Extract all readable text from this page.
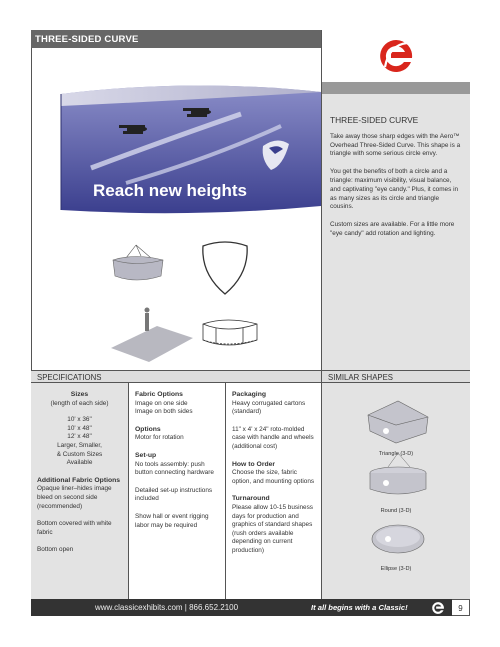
THREE-SIDED CURVE
Reach new heights
THREE-SIDED CURVE

Take away those sharp edges with the Aero™ Overhead Three-Sided Curve. This shape is a triangle with some serious circle envy.

You get the benefits of both a circle and a triangle: maximum visibility, visual balance, and captivating "eye candy." Plus, it comes in as many sizes as its circle and triangle cousins.

Custom sizes are available. For a little more "eye candy" add rotation and lighting.

SPECIFICATIONS	SIMILAR SHAPES
Sizes
(length of each side)
10' x 36"
10' x 48"
12' x 48"
Larger, Smaller,
& Custom Sizes
Available
Additional Fabric Options
Opaque liner–hides image bleed on second side (recommended)
Bottom covered with white fabric
Bottom open
Fabric Options
Image on one side
Image on both sides
Options
Motor for rotation
Set-up
No tools assembly: push button connecting hardware
Detailed set-up instructions included
Show hall or event rigging labor may be required
Packaging
Heavy corrugated cartons (standard)
11" x 4' x 24" roto-molded case with handle and wheels (additional cost)
How to Order
Choose the size, fabric option, and mounting options
Turnaround
Please allow 10-15 business days for production and graphics of standard shapes (rush orders available depending on current production)
Triangle (3-D)
Round (3-D)
Ellipse (3-D)
www.classicexhibits.com | 866.652.2100	It all begins with a Classic!	9
